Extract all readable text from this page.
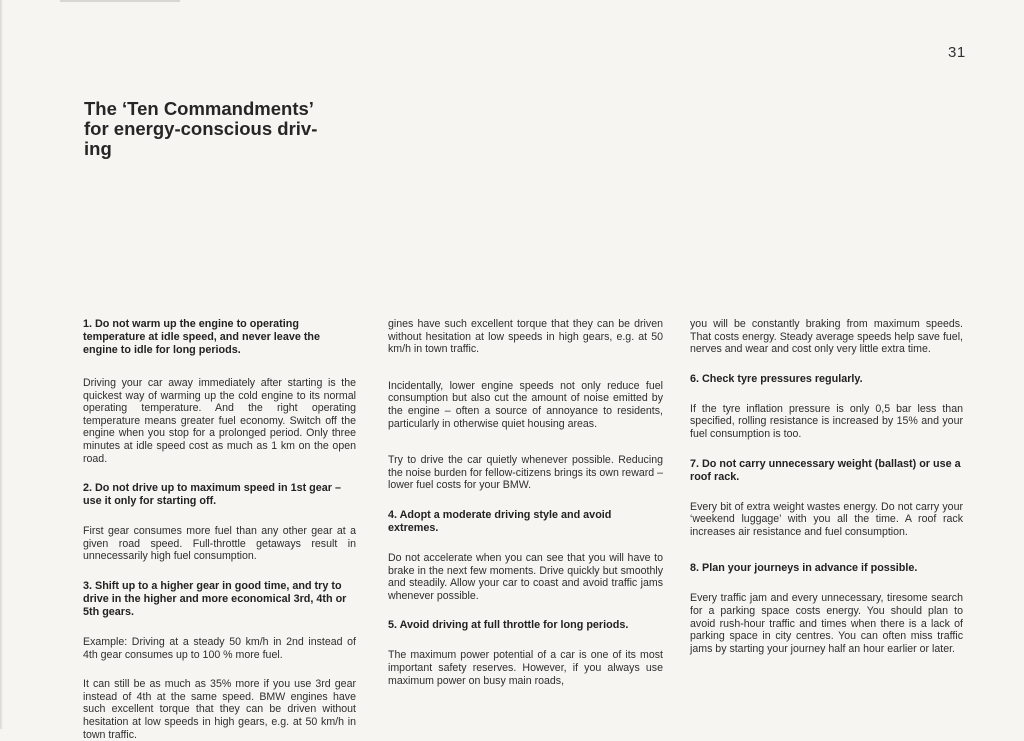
31
The ‘Ten Commandments’
for energy-conscious driv-
ing
1. Do not warm up the engine to operating temperature at idle speed, and never leave the engine to idle for long periods.

Driving your car away immediately after starting is the quickest way of warming up the cold engine to its normal operating temperature. And the right operating temperature means greater fuel economy. Switch off the engine when you stop for a prolonged period. Only three minutes at idle speed cost as much as 1 km on the open road.

2. Do not drive up to maximum speed in 1st gear – use it only for starting off.

First gear consumes more fuel than any other gear at a given road speed. Full-throttle getaways result in unnecessarily high fuel consumption.

3. Shift up to a higher gear in good time, and try to drive in the higher and more economical 3rd, 4th or 5th gears.

Example: Driving at a steady 50 km/h in 2nd instead of 4th gear consumes up to 100 % more fuel.

It can still be as much as 35% more if you use 3rd gear instead of 4th at the same speed. BMW engines have such excellent torque that they can be driven without hesitation at low speeds in high gears, e.g. at 50 km/h in town traffic.

gines have such excellent torque that they can be driven without hesitation at low speeds in high gears, e.g. at 50 km/h in town traffic.

Incidentally, lower engine speeds not only reduce fuel consumption but also cut the amount of noise emitted by the engine – often a source of annoyance to residents, particularly in otherwise quiet housing areas.

Try to drive the car quietly whenever possible. Reducing the noise burden for fellow-citizens brings its own reward – lower fuel costs for your BMW.

4. Adopt a moderate driving style and avoid extremes.

Do not accelerate when you can see that you will have to brake in the next few moments. Drive quickly but smoothly and steadily. Allow your car to coast and avoid traffic jams whenever possible.

5. Avoid driving at full throttle for long periods.

The maximum power potential of a car is one of its most important safety reserves. However, if you always use maximum power on busy main roads,

you will be constantly braking from maximum speeds. That costs energy. Steady average speeds help save fuel, nerves and wear and cost only very little extra time.

6. Check tyre pressures regularly.

If the tyre inflation pressure is only 0,5 bar less than specified, rolling resistance is increased by 15% and your fuel consumption is too.

7. Do not carry unnecessary weight (ballast) or use a roof rack.

Every bit of extra weight wastes energy. Do not carry your ‘weekend luggage’ with you all the time. A roof rack increases air resistance and fuel consumption.

8. Plan your journeys in advance if possible.

Every traffic jam and every unnecessary, tiresome search for a parking space costs energy. You should plan to avoid rush-hour traffic and times when there is a lack of parking space in city centres. You can often miss traffic jams by starting your journey half an hour earlier or later.
